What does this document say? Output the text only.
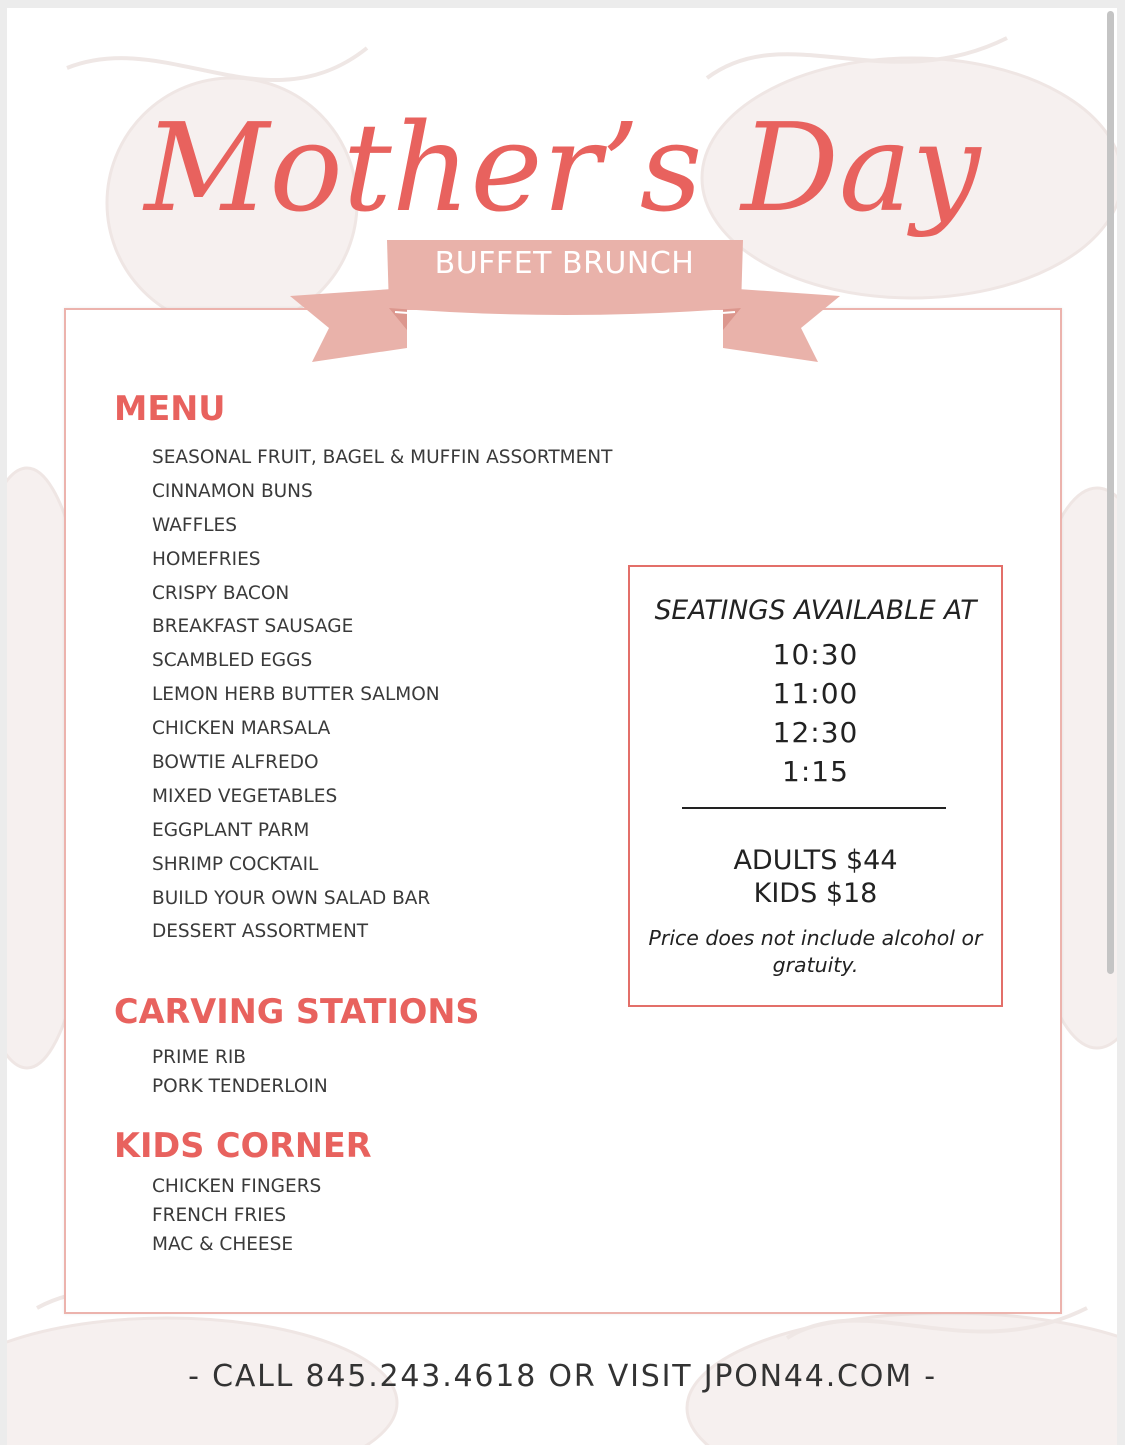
Mother’s Day
BUFFET BRUNCH
MENU
SEASONAL FRUIT, BAGEL & MUFFIN ASSORTMENT
CINNAMON BUNS
WAFFLES
HOMEFRIES
CRISPY BACON
BREAKFAST SAUSAGE
SCAMBLED EGGS
LEMON HERB BUTTER SALMON
CHICKEN MARSALA
BOWTIE ALFREDO
MIXED VEGETABLES
EGGPLANT PARM
SHRIMP COCKTAIL
BUILD YOUR OWN SALAD BAR
DESSERT ASSORTMENT
CARVING STATIONS
PRIME RIB
PORK TENDERLOIN
KIDS CORNER
CHICKEN FINGERS
FRENCH FRIES
MAC & CHEESE
SEATINGS AVAILABLE AT
10:30
11:00
12:30
1:15
ADULTS $44
KIDS $18
Price does not include alcohol or gratuity.
- CALL 845.243.4618 OR VISIT JPON44.COM -
